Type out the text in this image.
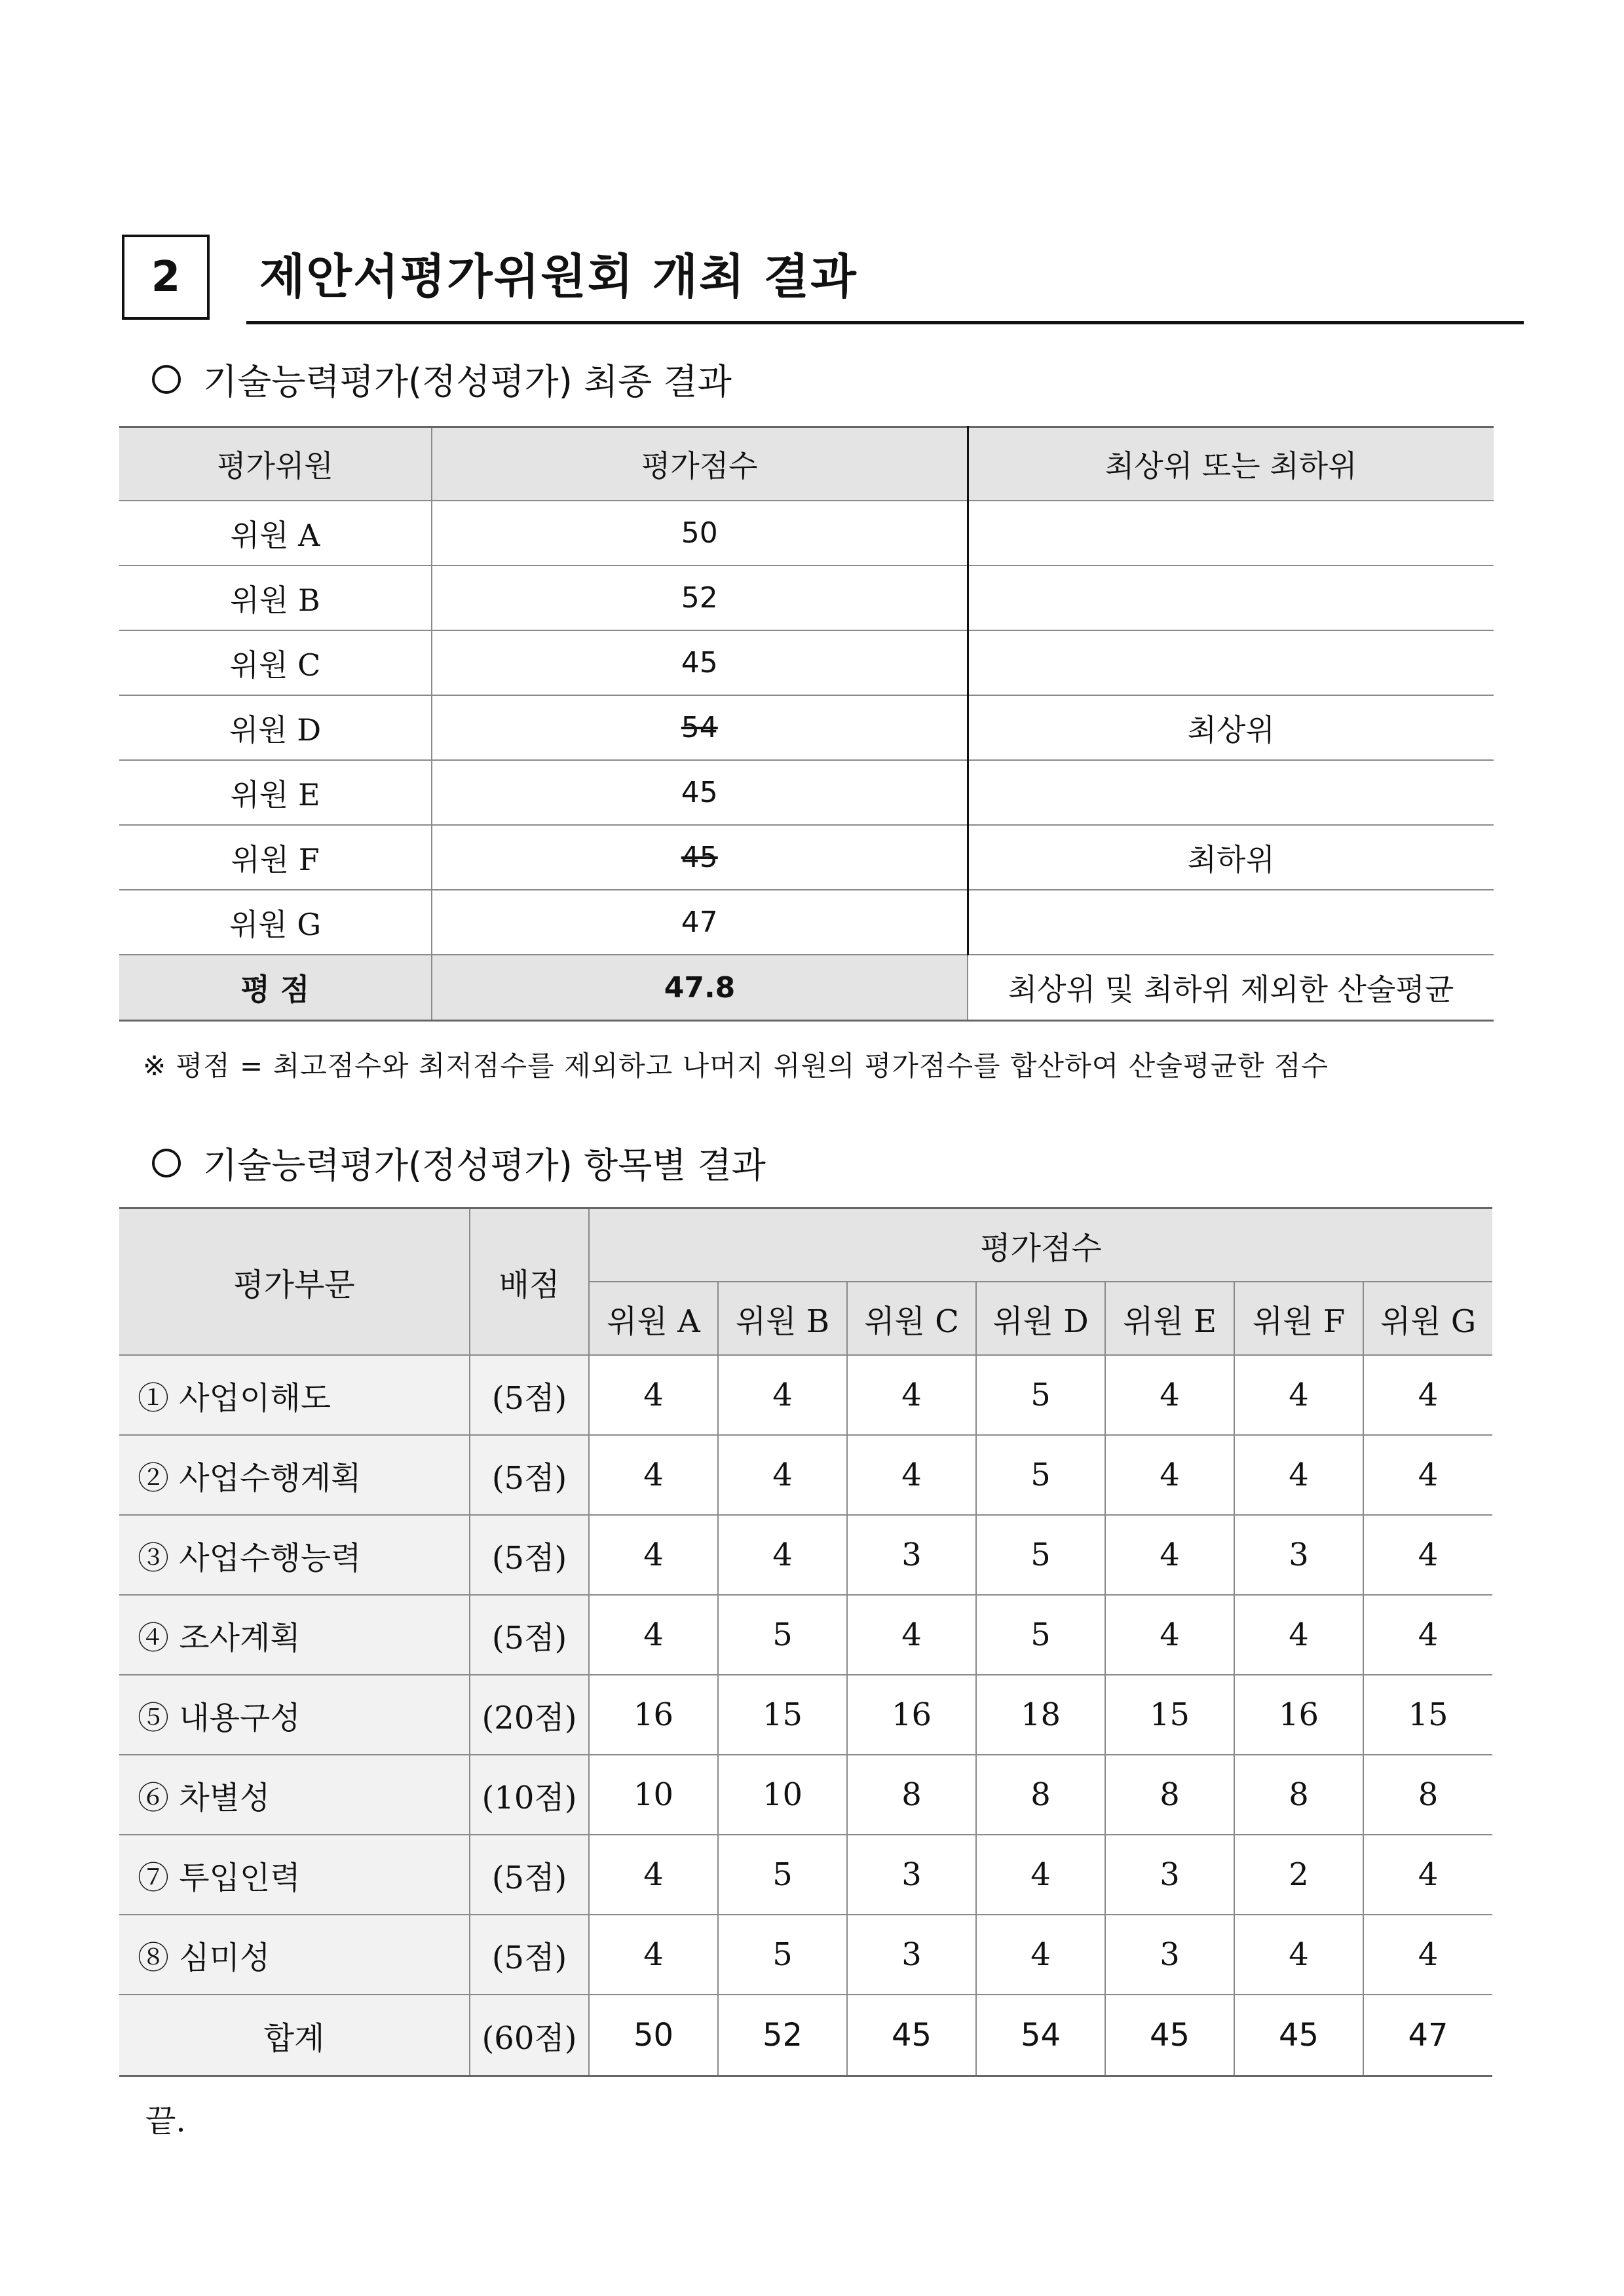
2	제안서평가위원회 개최 결과
기술능력평가(정성평가) 최종 결과
평가위원	평가점수	최상위 또는 최하위
위원 A	50	
위원 B	52	
위원 C	45	
위원 D	54	최상위
위원 E	45	
위원 F	45	최하위
위원 G	47	
평 점	47.8	최상위 및 최하위 제외한 산술평균
※ 평점 = 최고점수와 최저점수를 제외하고 나머지 위원의 평가점수를 합산하여 산술평균한 점수
기술능력평가(정성평가) 항목별 결과
평가부문	배점	평가점수						
		위원 A	위원 B	위원 C	위원 D	위원 E	위원 F	위원 G
① 사업이해도	(5점)	4	4	4	5	4	4	4
② 사업수행계획	(5점)	4	4	4	5	4	4	4
③ 사업수행능력	(5점)	4	4	3	5	4	3	4
④ 조사계획	(5점)	4	5	4	5	4	4	4
⑤ 내용구성	(20점)	16	15	16	18	15	16	15
⑥ 차별성	(10점)	10	10	8	8	8	8	8
⑦ 투입인력	(5점)	4	5	3	4	3	2	4
⑧ 심미성	(5점)	4	5	3	4	3	4	4
합계	(60점)	50	52	45	54	45	45	47
끝.
